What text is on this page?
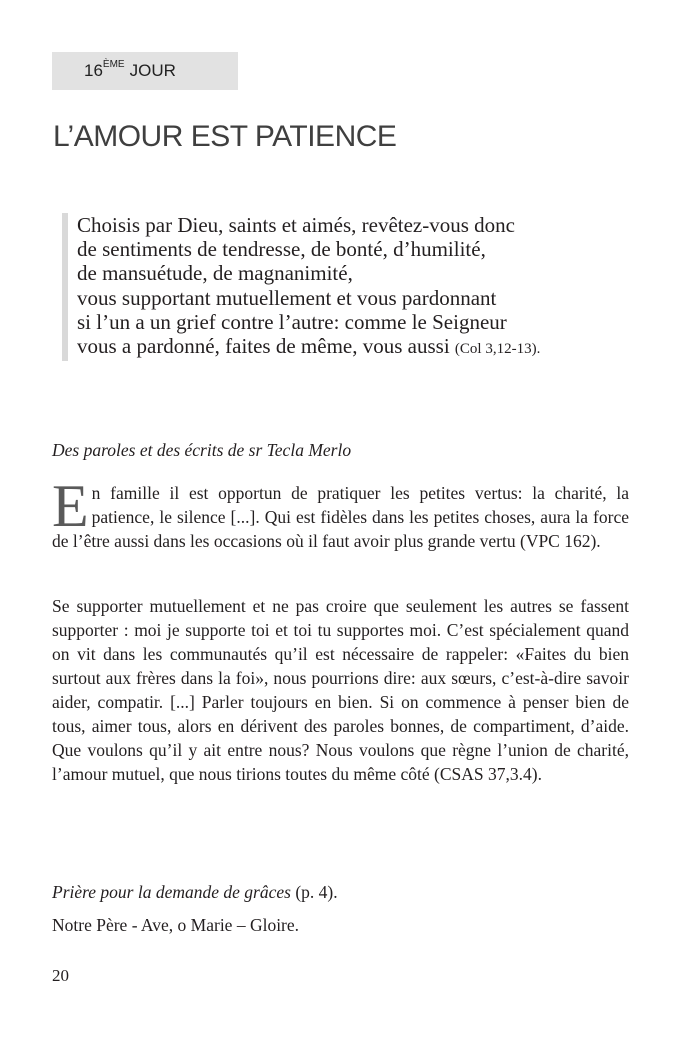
16ÈME JOUR
L’AMOUR EST PATIENCE
Choisis par Dieu, saints et aimés, revêtez-vous donc
de sentiments de tendresse, de bonté, d’humilité,
de mansuétude, de magnanimité,
vous supportant mutuellement et vous pardonnant
si l’un a un grief contre l’autre: comme le Seigneur
vous a pardonné, faites de même, vous aussi (Col 3,12-13).
Des paroles et des écrits de sr Tecla Merlo

En famille il est opportun de pratiquer les petites vertus: la charité, la patience, le silence [...]. Qui est fidèles dans les petites choses, aura la force de l’être aussi dans les occasions où il faut avoir plus grande vertu (VPC 162).

Se supporter mutuellement et ne pas croire que seulement les autres se fassent supporter : moi je supporte toi et toi tu supportes moi. C’est spécialement quand on vit dans les communautés qu’il est nécessaire de rappeler: «Faites du bien surtout aux frères dans la foi», nous pourrions dire: aux sœurs, c’est-à-dire savoir aider, compatir. [...] Parler toujours en bien. Si on commence à penser bien de tous, aimer tous, alors en dérivent des paroles bonnes, de compartiment, d’aide. Que voulons qu’il y ait entre nous? Nous voulons que règne l’union de charité, l’amour mutuel, que nous tirions toutes du même côté (CSAS 37,3.4).

Prière pour la demande de grâces (p. 4).
Notre Père - Ave, o Marie – Gloire.
20
